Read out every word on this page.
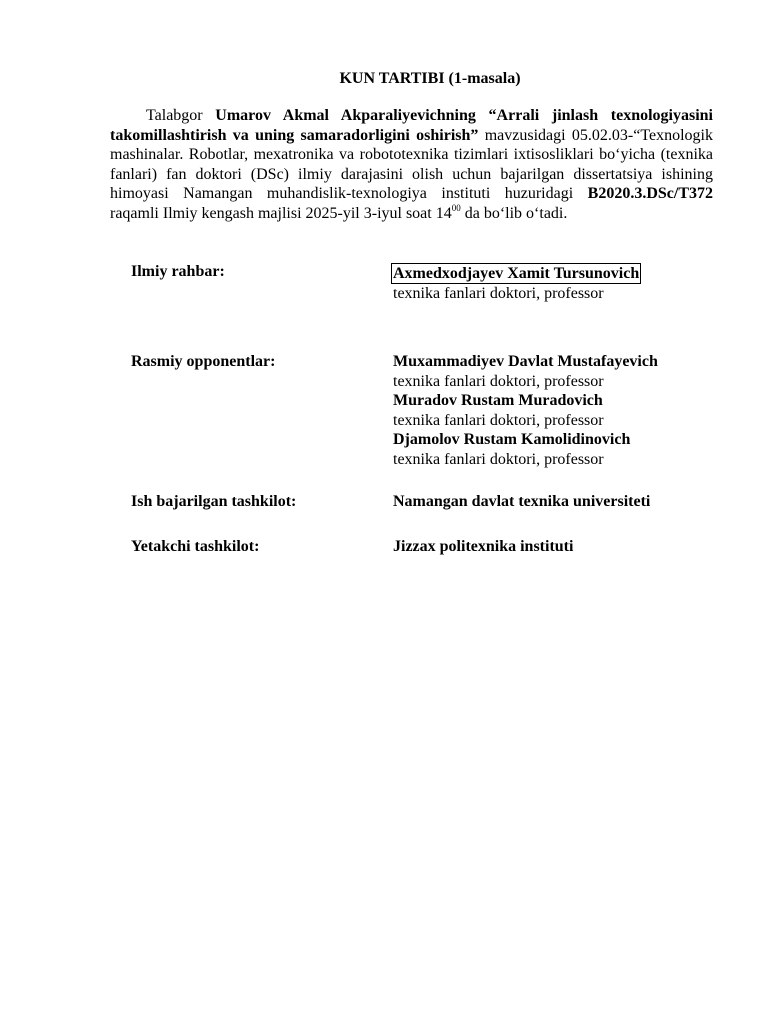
KUN TARTIBI (1-masala)

Talabgor Umarov Akmal Akparaliyevichning “Arrali jinlash texnologiyasini takomillashtirish va uning samaradorligini oshirish” mavzusidagi 05.02.03-“Texnologik mashinalar. Robotlar, mexatronika va robototexnika tizimlari ixtisosliklari bo‘yicha (texnika fanlari) fan doktori (DSc) ilmiy darajasini olish uchun bajarilgan dissertatsiya ishining himoyasi Namangan muhandislik-texnologiya instituti huzuridagi B2020.3.DSc/T372 raqamli Ilmiy kengash majlisi 2025-yil 3-iyul soat $14^{00}$ da bo‘lib o‘tadi.

Ilmiy rahbar:	Axmedxodjayev Xamit Tursunovich
texnika fanlari doktori, professor
Rasmiy opponentlar:	Muxammadiyev Davlat Mustafayevich
texnika fanlari doktori, professor
Muradov Rustam Muradovich
texnika fanlari doktori, professor
Djamolov Rustam Kamolidinovich
texnika fanlari doktori, professor
Ish bajarilgan tashkilot:	Namangan davlat texnika universiteti
Yetakchi tashkilot:	Jizzax politexnika instituti
